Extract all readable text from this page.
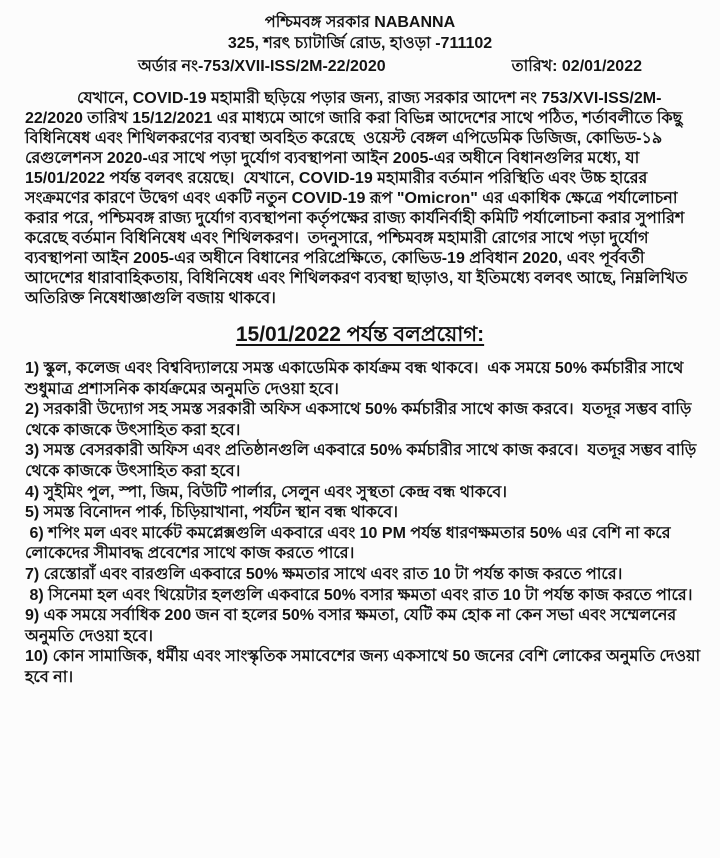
পশ্চিমবঙ্গ সরকার NABANNA
325, শরৎ চ্যাটার্জি রোড, হাওড়া -711102
অর্ডার নং-753/XVII-ISS/2M-22/2020	তারিখ: 02/01/2022

যেখানে, COVID-19 মহামারী ছড়িয়ে পড়ার জন্য, রাজ্য সরকার আদেশ নং 753/XVI-ISS/2M-22/2020 তারিখ 15/12/2021 এর মাধ্যমে আগে জারি করা বিভিন্ন আদেশের সাথে পঠিত, শর্তাবলীতে কিছু বিধিনিষেধ এবং শিথিলকরণের ব্যবস্থা অবহিত করেছে  ওয়েস্ট বেঙ্গল এপিডেমিক ডিজিজ, কোভিড-১৯ রেগুলেশনস 2020-এর সাথে পড়া দুর্যোগ ব্যবস্থাপনা আইন 2005-এর অধীনে বিধানগুলির মধ্যে, যা 15/01/2022 পর্যন্ত বলবৎ রয়েছে।  যেখানে, COVID-19 মহামারীর বর্তমান পরিস্থিতি এবং উচ্চ হারের সংক্রমণের কারণে উদ্বেগ এবং একটি নতুন COVID-19 রূপ "Omicron" এর একাধিক ক্ষেত্রে পর্যালোচনা করার পরে, পশ্চিমবঙ্গ রাজ্য দুর্যোগ ব্যবস্থাপনা কর্তৃপক্ষের রাজ্য কার্যনির্বাহী কমিটি পর্যালোচনা করার সুপারিশ করেছে বর্তমান বিধিনিষেধ এবং শিথিলকরণ।  তদনুসারে, পশ্চিমবঙ্গ মহামারী রোগের সাথে পড়া দুর্যোগ ব্যবস্থাপনা আইন 2005-এর অধীনে বিধানের পরিপ্রেক্ষিতে, কোভিড-19 প্রবিধান 2020, এবং পূর্ববর্তী আদেশের ধারাবাহিকতায়, বিধিনিষেধ এবং শিথিলকরণ ব্যবস্থা ছাড়াও, যা ইতিমধ্যে বলবৎ আছে, নিম্নলিখিত অতিরিক্ত নিষেধাজ্ঞাগুলি বজায় থাকবে।

15/01/2022 পর্যন্ত বলপ্রয়োগ:

1) স্কুল, কলেজ এবং বিশ্ববিদ্যালয়ে সমস্ত একাডেমিক কার্যক্রম বন্ধ থাকবে।  এক সময়ে 50% কর্মচারীর সাথে শুধুমাত্র প্রশাসনিক কার্যক্রমের অনুমতি দেওয়া হবে।

2) সরকারী উদ্যোগ সহ সমস্ত সরকারী অফিস একসাথে 50% কর্মচারীর সাথে কাজ করবে।  যতদূর সম্ভব বাড়ি থেকে কাজকে উৎসাহিত করা হবে।

3) সমস্ত বেসরকারী অফিস এবং প্রতিষ্ঠানগুলি একবারে 50% কর্মচারীর সাথে কাজ করবে।  যতদূর সম্ভব বাড়ি থেকে কাজকে উৎসাহিত করা হবে।

4) সুইমিং পুল, স্পা, জিম, বিউটি পার্লার, সেলুন এবং সুস্থতা কেন্দ্র বন্ধ থাকবে।

5) সমস্ত বিনোদন পার্ক, চিড়িয়াখানা, পর্যটন স্থান বন্ধ থাকবে।

6) শপিং মল এবং মার্কেট কমপ্লেক্সগুলি একবারে এবং 10 PM পর্যন্ত ধারণক্ষমতার 50% এর বেশি না করে লোকেদের সীমাবদ্ধ প্রবেশের সাথে কাজ করতে পারে।

7) রেস্তোরাঁ এবং বারগুলি একবারে 50% ক্ষমতার সাথে এবং রাত 10 টা পর্যন্ত কাজ করতে পারে।

8) সিনেমা হল এবং থিয়েটার হলগুলি একবারে 50% বসার ক্ষমতা এবং রাত 10 টা পর্যন্ত কাজ করতে পারে।

9) এক সময়ে সর্বাধিক 200 জন বা হলের 50% বসার ক্ষমতা, যেটি কম হোক না কেন সভা এবং সম্মেলনের অনুমতি দেওয়া হবে।

10) কোন সামাজিক, ধর্মীয় এবং সাংস্কৃতিক সমাবেশের জন্য একসাথে 50 জনের বেশি লোকের অনুমতি দেওয়া হবে না।
